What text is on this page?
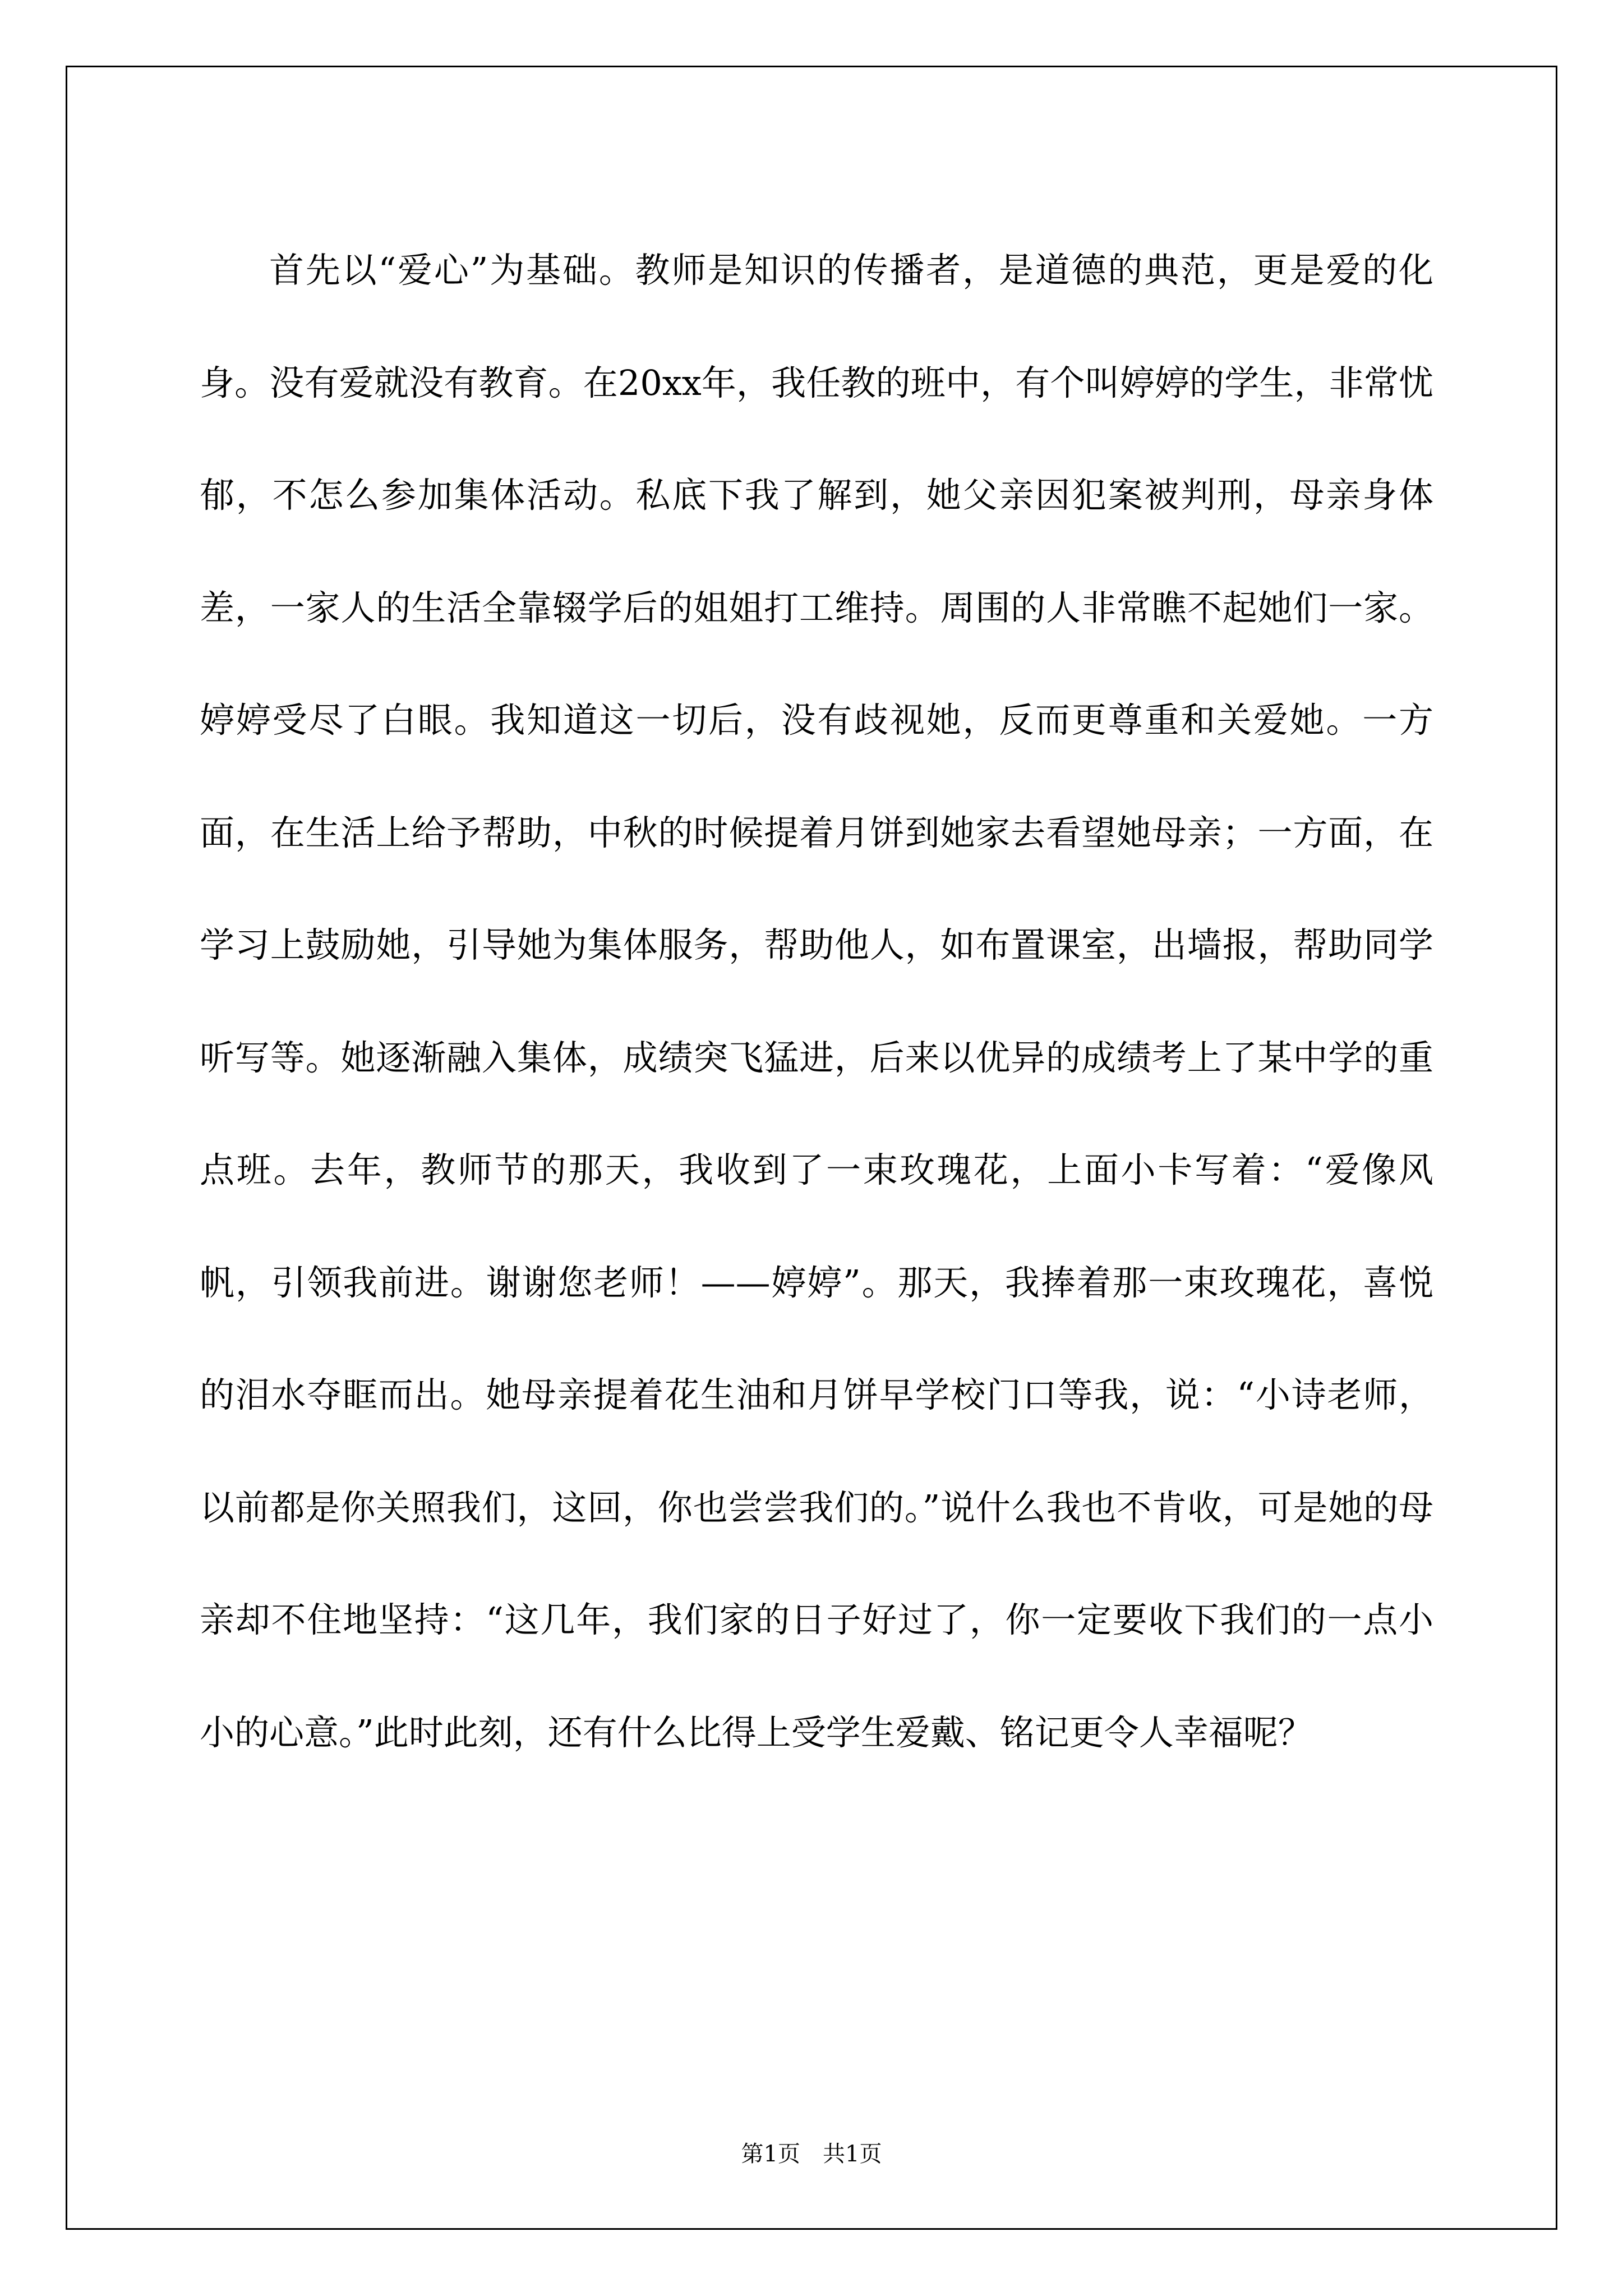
首先以“爱心”为基础。教师是知识的传播者，是道德的典范，更是爱的化身。没有爱就没有教育。在20xx年，我任教的班中，有个叫婷婷的学生，非常忧郁，不怎么参加集体活动。私底下我了解到，她父亲因犯案被判刑，母亲身体差，一家人的生活全靠辍学后的姐姐打工维持。周围的人非常瞧不起她们一家。婷婷受尽了白眼。我知道这一切后，没有歧视她，反而更尊重和关爱她。一方面，在生活上给予帮助，中秋的时候提着月饼到她家去看望她母亲；一方面，在学习上鼓励她，引导她为集体服务，帮助他人，如布置课室，出墙报，帮助同学听写等。她逐渐融入集体，成绩突飞猛进，后来以优异的成绩考上了某中学的重点班。去年，教师节的那天，我收到了一束玫瑰花，上面小卡写着：“爱像风帆，引领我前进。谢谢您老师！——婷婷”。那天，我捧着那一束玫瑰花，喜悦的泪水夺眶而出。她母亲提着花生油和月饼早学校门口等我，说：“小诗老师，以前都是你关照我们，这回，你也尝尝我们的。”说什么我也不肯收，可是她的母亲却不住地坚持：“这几年，我们家的日子好过了，你一定要收下我们的一点小小的心意。”此时此刻，还有什么比得上受学生爱戴、铭记更令人幸福呢？

第1页 共1页
